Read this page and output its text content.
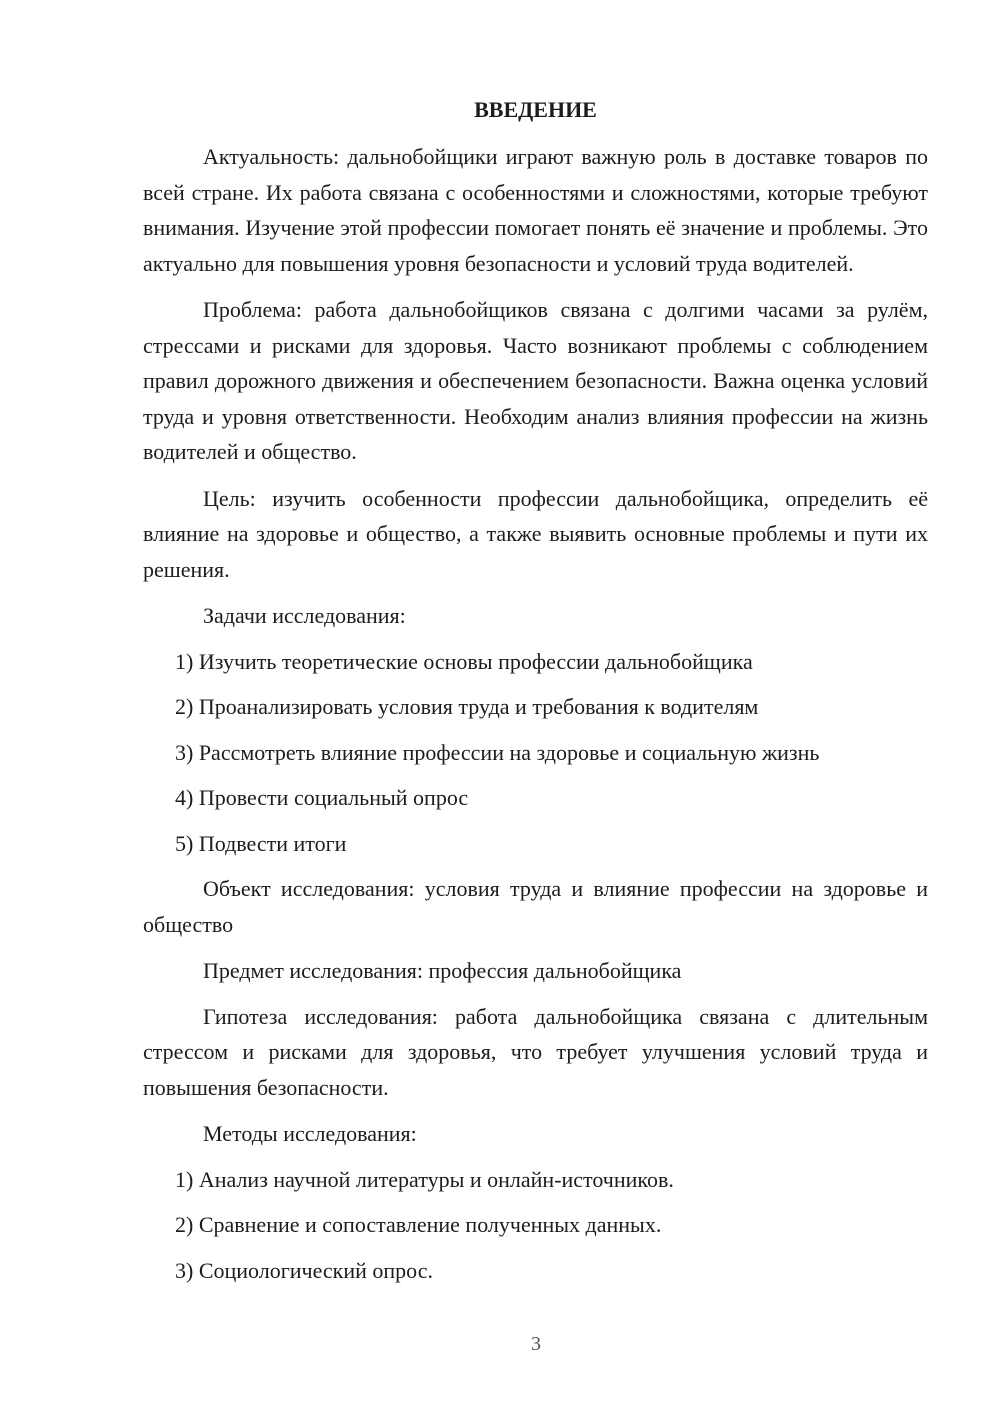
ВВЕДЕНИЕ

Актуальность: дальнобойщики играют важную роль в доставке товаров по всей стране. Их работа связана с особенностями и сложностями, которые требуют внимания. Изучение этой профессии помогает понять её значение и проблемы. Это актуально для повышения уровня безопасности и условий труда водителей.

Проблема: работа дальнобойщиков связана с долгими часами за рулём, стрессами и рисками для здоровья. Часто возникают проблемы с соблюдением правил дорожного движения и обеспечением безопасности. Важна оценка условий труда и уровня ответственности. Необходим анализ влияния профессии на жизнь водителей и общество.

Цель: изучить особенности профессии дальнобойщика, определить её влияние на здоровье и общество, а также выявить основные проблемы и пути их решения.

Задачи исследования:

1) Изучить теоретические основы профессии дальнобойщика
2) Проанализировать условия труда и требования к водителям
3) Рассмотреть влияние профессии на здоровье и социальную жизнь
4) Провести социальный опрос
5) Подвести итоги

Объект исследования: условия труда и влияние профессии на здоровье и общество

Предмет исследования: профессия дальнобойщика

Гипотеза исследования: работа дальнобойщика связана с длительным стрессом и рисками для здоровья, что требует улучшения условий труда и повышения безопасности.

Методы исследования:

1) Анализ научной литературы и онлайн-источников.
2) Сравнение и сопоставление полученных данных.
3) Социологический опрос.
3
